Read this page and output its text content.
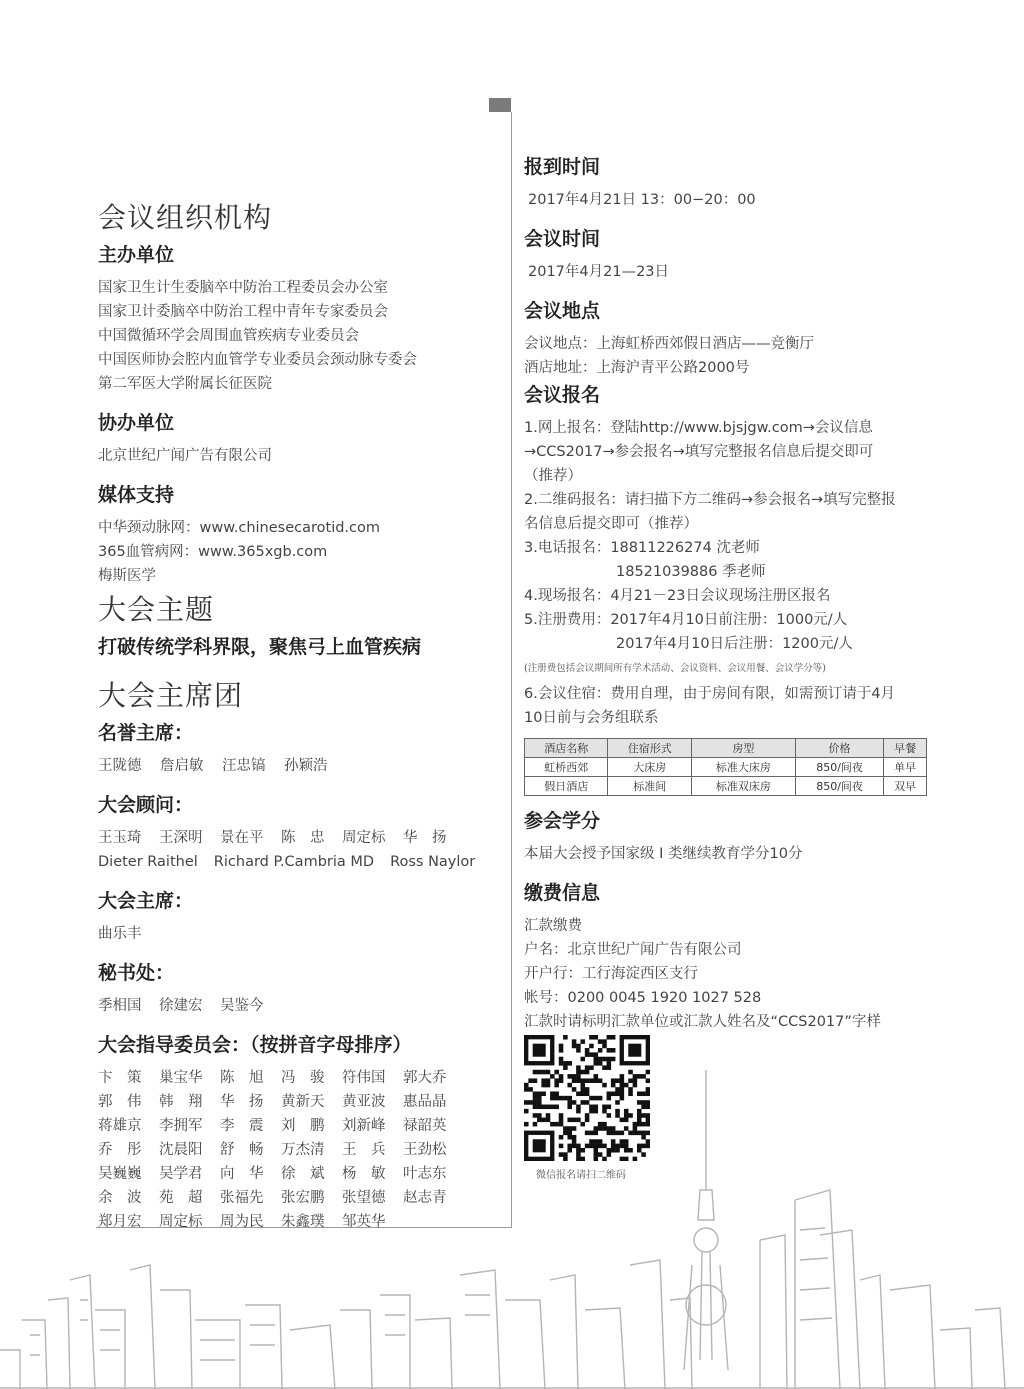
会议组织机构
主办单位
国家卫生计生委脑卒中防治工程委员会办公室
国家卫计委脑卒中防治工程中青年专家委员会
中国微循环学会周围血管疾病专业委员会
中国医师协会腔内血管学专业委员会颈动脉专委会
第二军医大学附属长征医院
协办单位
北京世纪广闻广告有限公司
媒体支持
中华颈动脉网：www.chinesecarotid.com
365血管病网：www.365xgb.com
梅斯医学
大会主题
打破传统学科界限，聚焦弓上血管疾病
大会主席团
名誉主席：
王陇德	詹启敏	汪忠镐	孙颖浩
大会顾问：
王玉琦	王深明	景在平	陈　忠	周定标	华　扬
Dieter Raithel Richard P.Cambria MD Ross Naylor
大会主席：
曲乐丰
秘书处：
季相国	徐建宏	吴鉴今
大会指导委员会：（按拼音字母排序）
卞　策	巢宝华	陈　旭	冯　骏	符伟国	郭大乔
郭　伟	韩　翔	华　扬	黄新天	黄亚波	惠品晶
蒋雄京	李拥军	李　震	刘　鹏	刘新峰	禄韶英
乔　彤	沈晨阳	舒　畅	万杰清	王　兵	王劲松
吴巍巍	吴学君	向　华	徐　斌	杨　敏	叶志东
余　波	苑　超	张福先	张宏鹏	张望德	赵志青
郑月宏	周定标	周为民	朱鑫璞	邹英华
报到时间
2017年4月21日 13：00−20：00
会议时间
2017年4月21—23日
会议地点
会议地点：上海虹桥西郊假日酒店——竞衡厅
酒店地址：上海沪青平公路2000号
会议报名
1.网上报名：登陆http://www.bjsjgw.com→会议信息
→CCS2017→参会报名→填写完整报名信息后提交即可
（推荐）
2.二维码报名：请扫描下方二维码→参会报名→填写完整报
名信息后提交即可（推荐）
3.电话报名：18811226274 沈老师
18521039886 季老师
4.现场报名：4月21－23日会议现场注册区报名
5.注册费用：2017年4月10日前注册：1000元/人
2017年4月10日后注册：1200元/人
(注册费包括会议期间所有学术活动、会议资料、会议用餐、会议学分等)
6.会议住宿：费用自理，由于房间有限，如需预订请于4月
10日前与会务组联系
酒店名称	住宿形式	房型	价格	早餐
虹桥西郊	大床房	标准大床房	850/间夜	单早
假日酒店	标准间	标准双床房	850/间夜	双早
参会学分
本届大会授予国家级 I 类继续教育学分10分
缴费信息
汇款缴费
户名：北京世纪广闻广告有限公司
开户行：工行海淀西区支行
帐号：0200 0045 1920 1027 528
汇款时请标明汇款单位或汇款人姓名及“CCS2017”字样
微信报名请扫二维码
